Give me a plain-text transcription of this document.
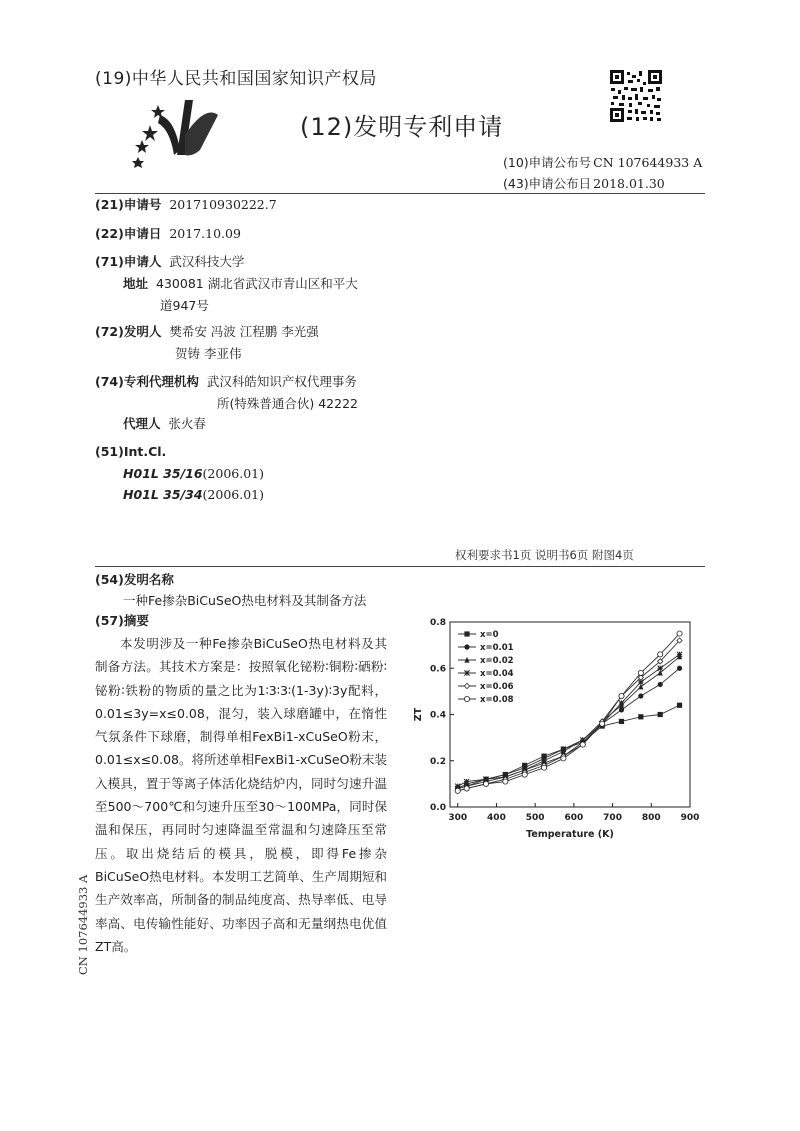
(19)中华人民共和国国家知识产权局
(12)发明专利申请
(10)申请公布号 CN 107644933 A
(43)申请公布日 2018.01.30
(21)申请号 201710930222.7
(22)申请日 2017.10.09
(71)申请人 武汉科技大学
地址 430081 湖北省武汉市青山区和平大
道947号
(72)发明人 樊希安 冯波 江程鹏 李光强
贺铸 李亚伟
(74)专利代理机构 武汉科皓知识产权代理事务
所(特殊普通合伙) 42222
代理人 张火春
(51)Int.Cl.
H01L 35/16(2006.01)
H01L 35/34(2006.01)
权利要求书1页 说明书6页 附图4页
(54)发明名称
一种Fe掺杂BiCuSeO热电材料及其制备方法
(57)摘要

本发明涉及一种Fe掺杂BiCuSeO热电材料及其制备方法。其技术方案是：按照氧化铋粉∶铜粉∶硒粉∶铋粉∶铁粉的物质的量之比为1∶3∶3∶(1-3y)∶3y配料，0.01≤3y=x≤0.08，混匀，装入球磨罐中，在惰性气氛条件下球磨，制得单相FexBi1-xCuSeO粉末，0.01≤x≤0.08。将所述单相FexBi1-xCuSeO粉末装入模具，置于等离子体活化烧结炉内，同时匀速升温至500～700℃和匀速升压至30～100MPa，同时保温和保压，再同时匀速降温至常温和匀速降压至常压。取出烧结后的模具，脱模，即得Fe掺杂BiCuSeO热电材料。本发明工艺简单、生产周期短和生产效率高，所制备的制品纯度高、热导率低、电导率高、电传输性能好、功率因子高和无量纲热电优值ZT高。

300 400 500 600 700 800 900
0.0
0.2
0.4
0.6
0.8
Temperature (K)
ZT
x=0
x=0.01
x=0.02
x=0.04
x=0.06
x=0.08
CN 107644933 A
